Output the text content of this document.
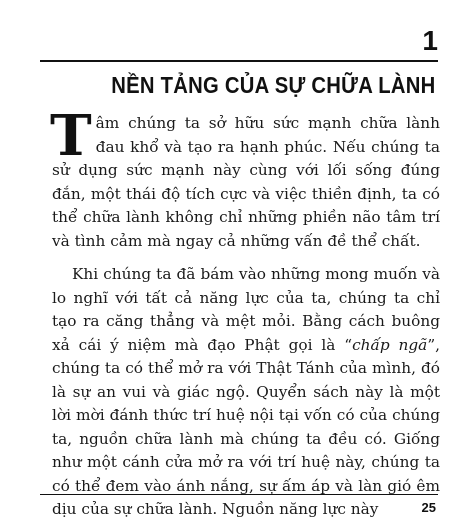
1
NỀN TẢNG CỦA SỰ CHỮA LÀNH

Tâm chúng ta sở hữu sức mạnh chữa lành đau khổ và tạo ra hạnh phúc. Nếu chúng ta sử dụng sức mạnh này cùng với lối sống đúng đắn, một thái độ tích cực và việc thiền định, ta có thể chữa lành không chỉ những phiền não tâm trí và tình cảm mà ngay cả những vấn đề thể chất.

Khi chúng ta đã bám vào những mong muốn và lo nghĩ với tất cả năng lực của ta, chúng ta chỉ tạo ra căng thẳng và mệt mỏi. Bằng cách buông xả cái ý niệm mà đạo Phật gọi là “chấp ngã”, chúng ta có thể mở ra với Thật Tánh của mình, đó là sự an vui và giác ngộ. Quyển sách này là một lời mời đánh thức trí huệ nội tại vốn có của chúng ta, nguồn chữa lành mà chúng ta đều có. Giống như một cánh cửa mở ra với trí huệ này, chúng ta có thể đem vào ánh nắng, sự ấm áp và làn gió êm dịu của sự chữa lành. Nguồn năng lực này	25
